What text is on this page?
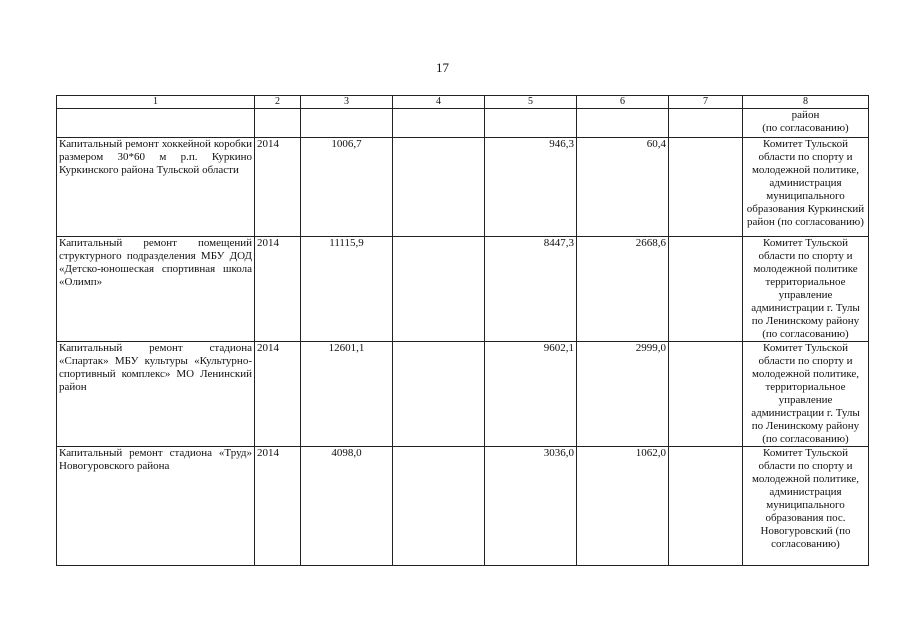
17
1	2	3	4	5	6	7	8
							район
(по согласованию)
Капитальный ремонт хоккейной коробки размером 30*60 м р.п. Куркино Куркинского района Тульской области	2014	1006,7		946,3	60,4		Комитет Тульской области по спорту и молодежной политике, администрация муниципального образования Куркинский район (по согласованию)
Капитальный ремонт помещений структурного подразделения МБУ ДОД «Детско-юношеская спортивная школа «Олимп»	2014	11115,9		8447,3	2668,6		Комитет Тульской области по спорту и молодежной политике территориальное управление администрации г. Тулы по Ленинскому району (по согласованию)
Капитальный ремонт стадиона «Спартак» МБУ культуры «Культурно-спортивный комплекс» МО Ленинский район	2014	12601,1		9602,1	2999,0		Комитет Тульской области по спорту и молодежной политике, территориальное управление администрации г. Тулы по Ленинскому району (по согласованию)
Капитальный ремонт стадиона «Труд» Новогуровского района	2014	4098,0		3036,0	1062,0		Комитет Тульской области по спорту и молодежной политике, администрация муниципального образования пос. Новогуровский (по согласованию)
